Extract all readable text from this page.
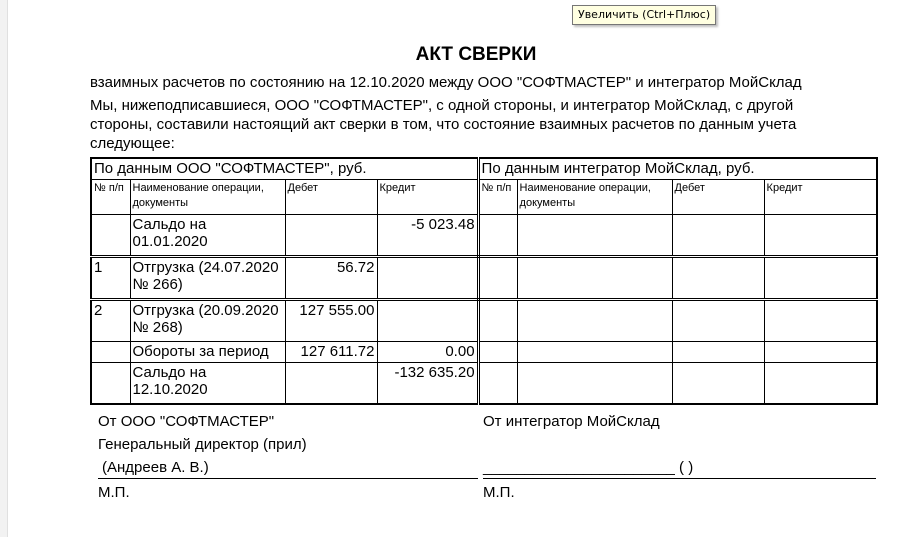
Увеличить (Ctrl+Плюс)
АКТ СВЕРКИ
взаимных расчетов по состоянию на 12.10.2020 между ООО "СОФТМАСТЕР" и интегратор МойСклад
Мы, нижеподписавшиеся, ООО "СОФТМАСТЕР", с одной стороны, и интегратор МойСклад, с другой стороны, составили настоящий акт сверки в том, что состояние взаимных расчетов по данным учета следующее:
По данным ООО "СОФТМАСТЕР", руб.				По данным интегратор МойСклад, руб.			
№ п/п	Наименование операции, документы	Дебет	Кредит	№ п/п	Наименование операции, документы	Дебет	Кредит
	Сальдо на 01.01.2020		-5 023.48				
1	Отгрузка (24.07.2020 № 266)	56.72					
2	Отгрузка (20.09.2020 № 268)	127 555.00					
	Обороты за период	127 611.72	0.00				
	Сальдо на 12.10.2020		-132 635.20				
От ООО "СОФТМАСТЕР"
Генеральный директор (прил)
(Андреев А. В.)
М.П.
От интегратор МойСклад
_______________________ ( )
М.П.
